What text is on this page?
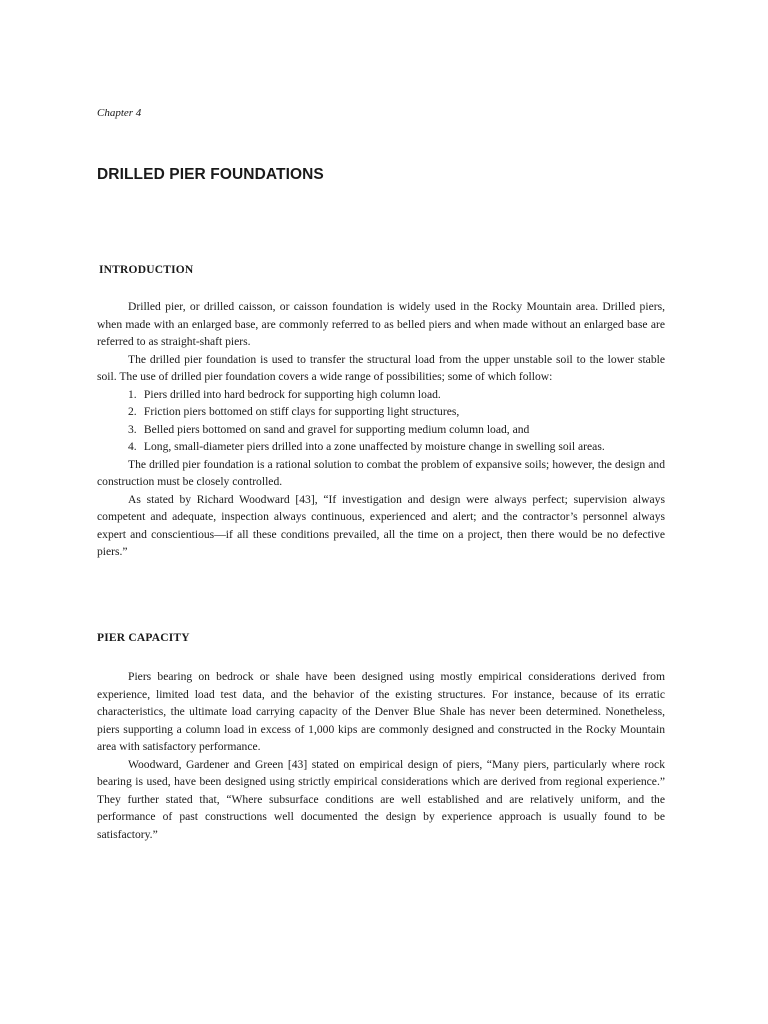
Chapter 4
DRILLED PIER FOUNDATIONS
INTRODUCTION

Drilled pier, or drilled caisson, or caisson foundation is widely used in the Rocky Mountain area. Drilled piers, when made with an enlarged base, are commonly referred to as belled piers and when made without an enlarged base are referred to as straight-shaft piers.

The drilled pier foundation is used to transfer the structural load from the upper unstable soil to the lower stable soil. The use of drilled pier foundation covers a wide range of possibilities; some of which follow:

1. Piers drilled into hard bedrock for supporting high column load.
2. Friction piers bottomed on stiff clays for supporting light structures,
3. Belled piers bottomed on sand and gravel for supporting medium column load, and
4. Long, small-diameter piers drilled into a zone unaffected by moisture change in swelling soil areas.

The drilled pier foundation is a rational solution to combat the problem of expansive soils; however, the design and construction must be closely controlled.

As stated by Richard Woodward [43], “If investigation and design were always perfect; supervision always competent and adequate, inspection always continuous, experienced and alert; and the contractor’s personnel always expert and conscientious—if all these conditions prevailed, all the time on a project, then there would be no defective piers.”

PIER CAPACITY

Piers bearing on bedrock or shale have been designed using mostly empirical considerations derived from experience, limited load test data, and the behavior of the existing structures. For instance, because of its erratic characteristics, the ultimate load carrying capacity of the Denver Blue Shale has never been determined. Nonetheless, piers supporting a column load in excess of 1,000 kips are commonly designed and constructed in the Rocky Mountain area with satisfactory performance.

Woodward, Gardener and Green [43] stated on empirical design of piers, “Many piers, particularly where rock bearing is used, have been designed using strictly empirical considerations which are derived from regional experience.” They further stated that, “Where subsurface conditions are well established and are relatively uniform, and the performance of past constructions well documented the design by experience approach is usually found to be satisfactory.”
